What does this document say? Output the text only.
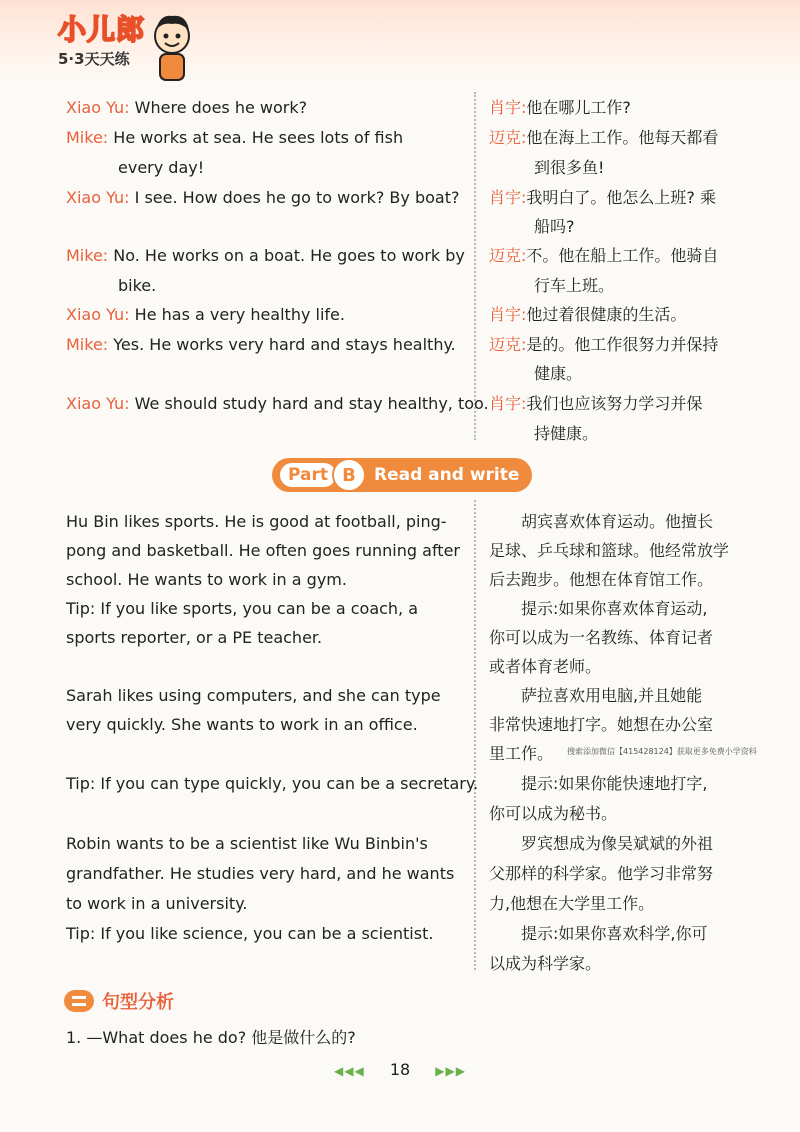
小儿郎
5·3天天练
Xiao Yu: Where does he work?	肖宇:他在哪儿工作?
Mike: He works at sea. He sees lots of fish
every day!
迈克:他在海上工作。他每天都看
到很多鱼!
Xiao Yu: I see. How does he go to work? By boat? 肖宇:我明白了。他怎么上班? 乘
船吗?
Mike: No. He works on a boat. He goes to work by
bike.
迈克:不。他在船上工作。他骑自
行车上班。
Xiao Yu: He has a very healthy life.	肖宇:他过着很健康的生活。
Mike: Yes. He works very hard and stays healthy. 迈克:是的。他工作很努力并保持
健康。
Xiao Yu: We should study hard and stay healthy, too. 肖宇:我们也应该努力学习并保
持健康。
Part B	Read and write
Hu Bin likes sports. He is good at football, ping-
pong and basketball. He often goes running after
school. He wants to work in a gym.
Tip: If you like sports, you can be a coach, a
sports reporter, or a PE teacher.
Sarah likes using computers, and she can type
very quickly. She wants to work in an office.
Tip: If you can type quickly, you can be a secretary.
Robin wants to be a scientist like Wu Binbin's
grandfather. He studies very hard, and he wants
to work in a university.
Tip: If you like science, you can be a scientist.
胡宾喜欢体育运动。他擅长
足球、乒乓球和篮球。他经常放学
后去跑步。他想在体育馆工作。
提示:如果你喜欢体育运动,
你可以成为一名教练、体育记者
或者体育老师。
萨拉喜欢用电脑,并且她能
非常快速地打字。她想在办公室
里工作。 搜索添加微信【415428124】获取更多免费小学资料
提示:如果你能快速地打字,
你可以成为秘书。
罗宾想成为像吴斌斌的外祖
父那样的科学家。他学习非常努
力,他想在大学里工作。
提示:如果你喜欢科学,你可
以成为科学家。
句型分析
1. —What does he do? 他是做什么的?
◀◀◀ 18 ▶▶▶
